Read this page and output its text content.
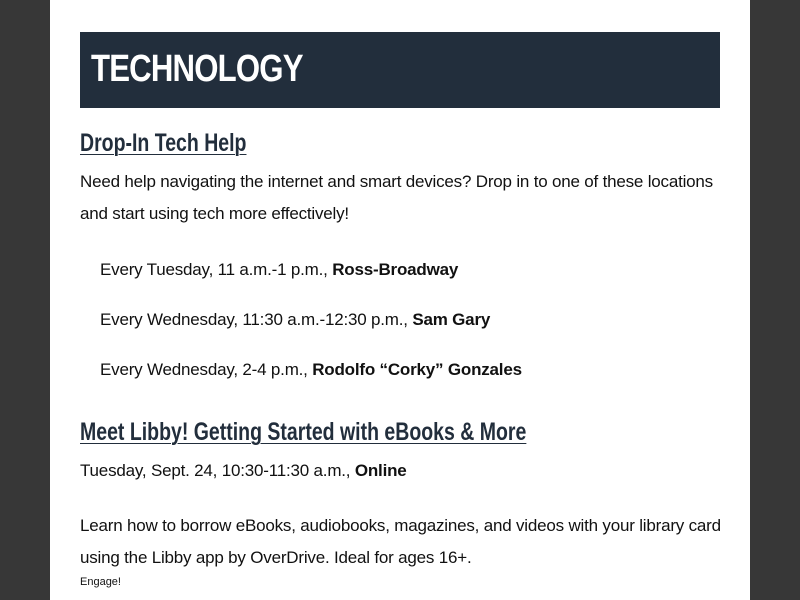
TECHNOLOGY
Drop-In Tech Help

Need help navigating the internet and smart devices? Drop in to one of these locations and start using tech more effectively!

Every Tuesday, 11 a.m.-1 p.m., Ross-Broadway

Every Wednesday, 11:30 a.m.-12:30 p.m., Sam Gary

Every Wednesday, 2-4 p.m., Rodolfo “Corky” Gonzales

Meet Libby! Getting Started with eBooks & More

Tuesday, Sept. 24, 10:30-11:30 a.m., Online

Learn how to borrow eBooks, audiobooks, magazines, and videos with your library card using the Libby app by OverDrive. Ideal for ages 16+.

Engage!
